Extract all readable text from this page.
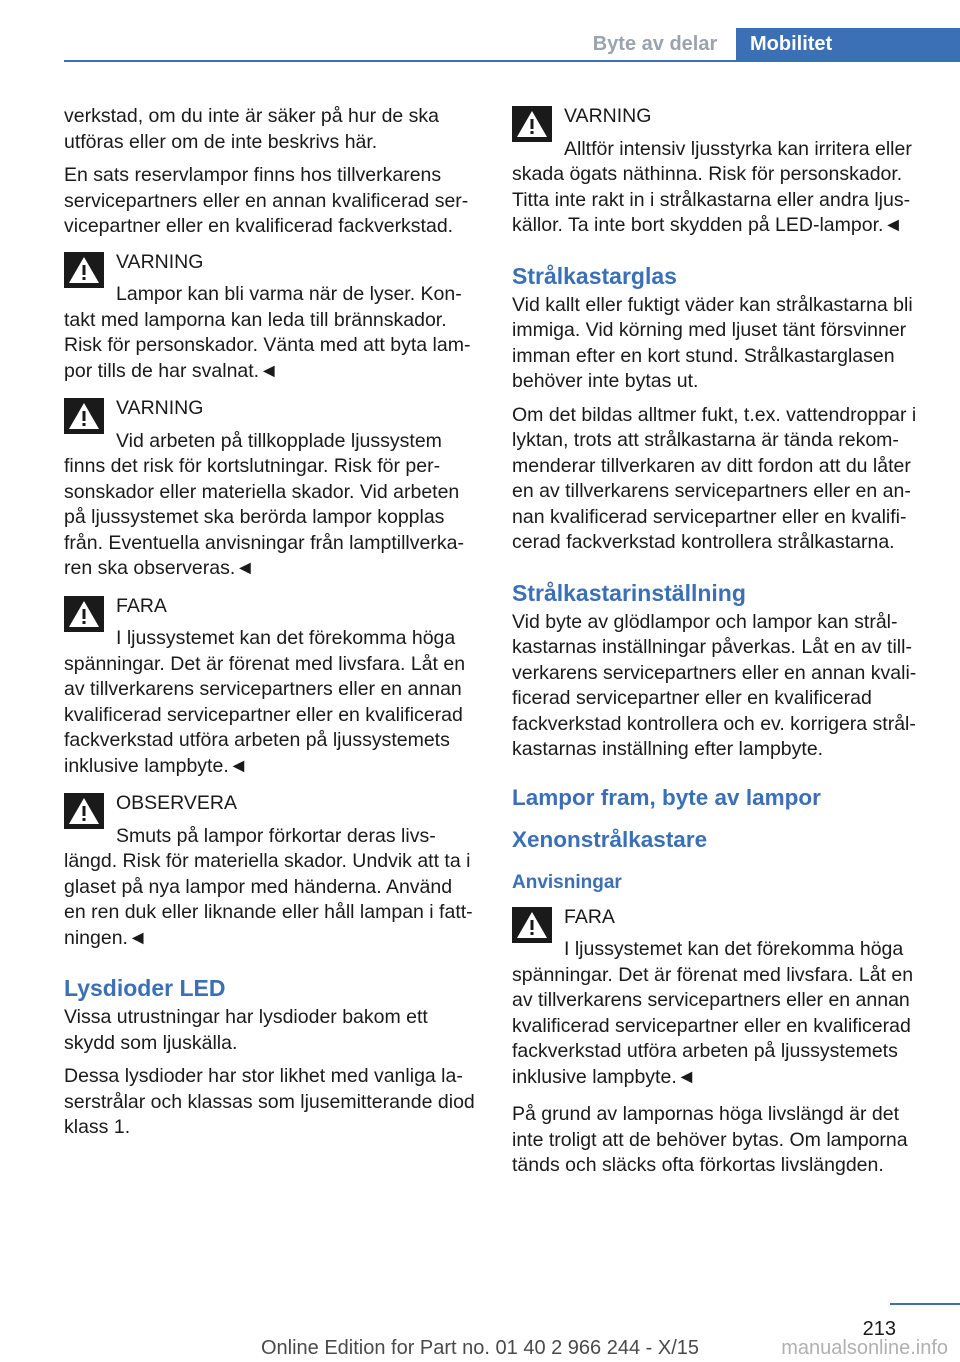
Byte av delar	Mobilitet

verkstad, om du inte är säker på hur de ska utföras eller om de inte beskrivs här.

En sats reservlampor finns hos tillverkarens servicepartners eller en annan kvalificerad servicepartner eller en kvalificerad fackverkstad.

VARNING
Lampor kan bli varma när de lyser. Kontakt med lamporna kan leda till brännskador. Risk för personskador. Vänta med att byta lampor tills de har svalnat.◄
VARNING
Vid arbeten på tillkopplade ljussystem finns det risk för kortslutningar. Risk för personskador eller materiella skador. Vid arbeten på ljussystemet ska berörda lampor kopplas från. Eventuella anvisningar från lamptillverkaren ska observeras.◄
FARA
I ljussystemet kan det förekomma höga spänningar. Det är förenat med livsfara. Låt en av tillverkarens servicepartners eller en annan kvalificerad servicepartner eller en kvalificerad fackverkstad utföra arbeten på ljussystemets inklusive lampbyte.◄
OBSERVERA
Smuts på lampor förkortar deras livslängd. Risk för materiella skador. Undvik att ta i glaset på nya lampor med händerna. Använd en ren duk eller liknande eller håll lampan i fattningen.◄
Lysdioder LED

Vissa utrustningar har lysdioder bakom ett skydd som ljuskälla.

Dessa lysdioder har stor likhet med vanliga laserstrålar och klassas som ljusemitterande diod klass 1.

VARNING
Alltför intensiv ljusstyrka kan irritera eller skada ögats näthinna. Risk för personskador. Titta inte rakt in i strålkastarna eller andra ljuskällor. Ta inte bort skydden på LED-lampor.◄
Strålkastarglas

Vid kallt eller fuktigt väder kan strålkastarna bli immiga. Vid körning med ljuset tänt försvinner imman efter en kort stund. Strålkastarglasen behöver inte bytas ut.

Om det bildas alltmer fukt, t.ex. vattendroppar i lyktan, trots att strålkastarna är tända rekommenderar tillverkaren av ditt fordon att du låter en av tillverkarens servicepartners eller en annan kvalificerad servicepartner eller en kvalificerad fackverkstad kontrollera strålkastarna.

Strålkastarinställning

Vid byte av glödlampor och lampor kan strålkastarnas inställningar påverkas. Låt en av tillverkarens servicepartners eller en annan kvalificerad servicepartner eller en kvalificerad fackverkstad kontrollera och ev. korrigera strålkastarnas inställning efter lampbyte.

Lampor fram, byte av lampor
Xenonstrålkastare
Anvisningar
FARA
I ljussystemet kan det förekomma höga spänningar. Det är förenat med livsfara. Låt en av tillverkarens servicepartners eller en annan kvalificerad servicepartner eller en kvalificerad fackverkstad utföra arbeten på ljussystemets inklusive lampbyte.◄

På grund av lampornas höga livslängd är det inte troligt att de behöver bytas. Om lamporna tänds och släcks ofta förkortas livslängden.

213
Online Edition for Part no. 01 40 2 966 244 - X/15	manualsonline.info
